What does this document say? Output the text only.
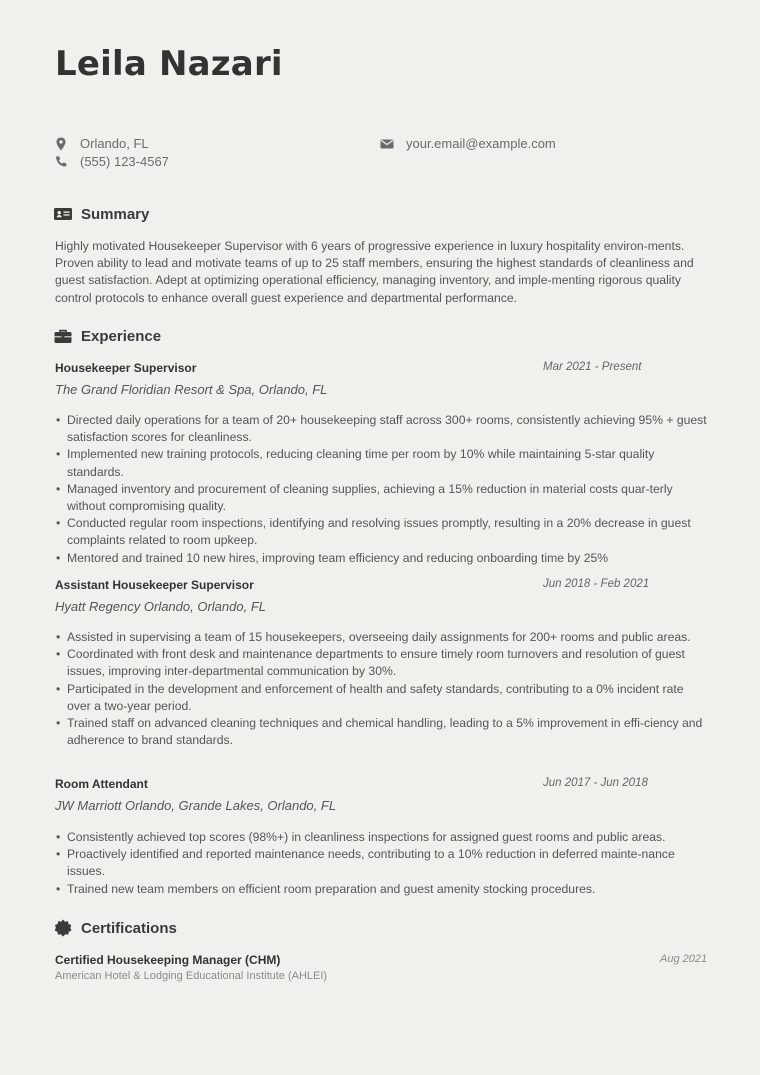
Leila Nazari
Orlando, FL
(555) 123-4567
your.email@example.com
Summary
Highly motivated Housekeeper Supervisor with 6 years of progressive experience in luxury hospitality environ-ments. Proven ability to lead and motivate teams of up to 25 staff members, ensuring the highest standards of cleanliness and guest satisfaction. Adept at optimizing operational efficiency, managing inventory, and imple-menting rigorous quality control protocols to enhance overall guest experience and departmental performance.
Experience
Housekeeper Supervisor	Mar 2021 - Present
The Grand Floridian Resort & Spa, Orlando, FL
• Directed daily operations for a team of 20+ housekeeping staff across 300+ rooms, consistently achieving 95% + guest satisfaction scores for cleanliness.
• Implemented new training protocols, reducing cleaning time per room by 10% while maintaining 5-star quality standards.
• Managed inventory and procurement of cleaning supplies, achieving a 15% reduction in material costs quar-terly without compromising quality.
• Conducted regular room inspections, identifying and resolving issues promptly, resulting in a 20% decrease in guest complaints related to room upkeep.
• Mentored and trained 10 new hires, improving team efficiency and reducing onboarding time by 25%
Assistant Housekeeper Supervisor	Jun 2018 - Feb 2021
Hyatt Regency Orlando, Orlando, FL
• Assisted in supervising a team of 15 housekeepers, overseeing daily assignments for 200+ rooms and public areas.
• Coordinated with front desk and maintenance departments to ensure timely room turnovers and resolution of guest issues, improving inter-departmental communication by 30%.
• Participated in the development and enforcement of health and safety standards, contributing to a 0% incident rate over a two-year period.
• Trained staff on advanced cleaning techniques and chemical handling, leading to a 5% improvement in effi-ciency and adherence to brand standards.
Room Attendant	Jun 2017 - Jun 2018
JW Marriott Orlando, Grande Lakes, Orlando, FL
• Consistently achieved top scores (98%+) in cleanliness inspections for assigned guest rooms and public areas.
• Proactively identified and reported maintenance needs, contributing to a 10% reduction in deferred mainte-nance issues.
• Trained new team members on efficient room preparation and guest amenity stocking procedures.
Certifications
Certified Housekeeping Manager (CHM)
American Hotel & Lodging Educational Institute (AHLEI)
Aug 2021
